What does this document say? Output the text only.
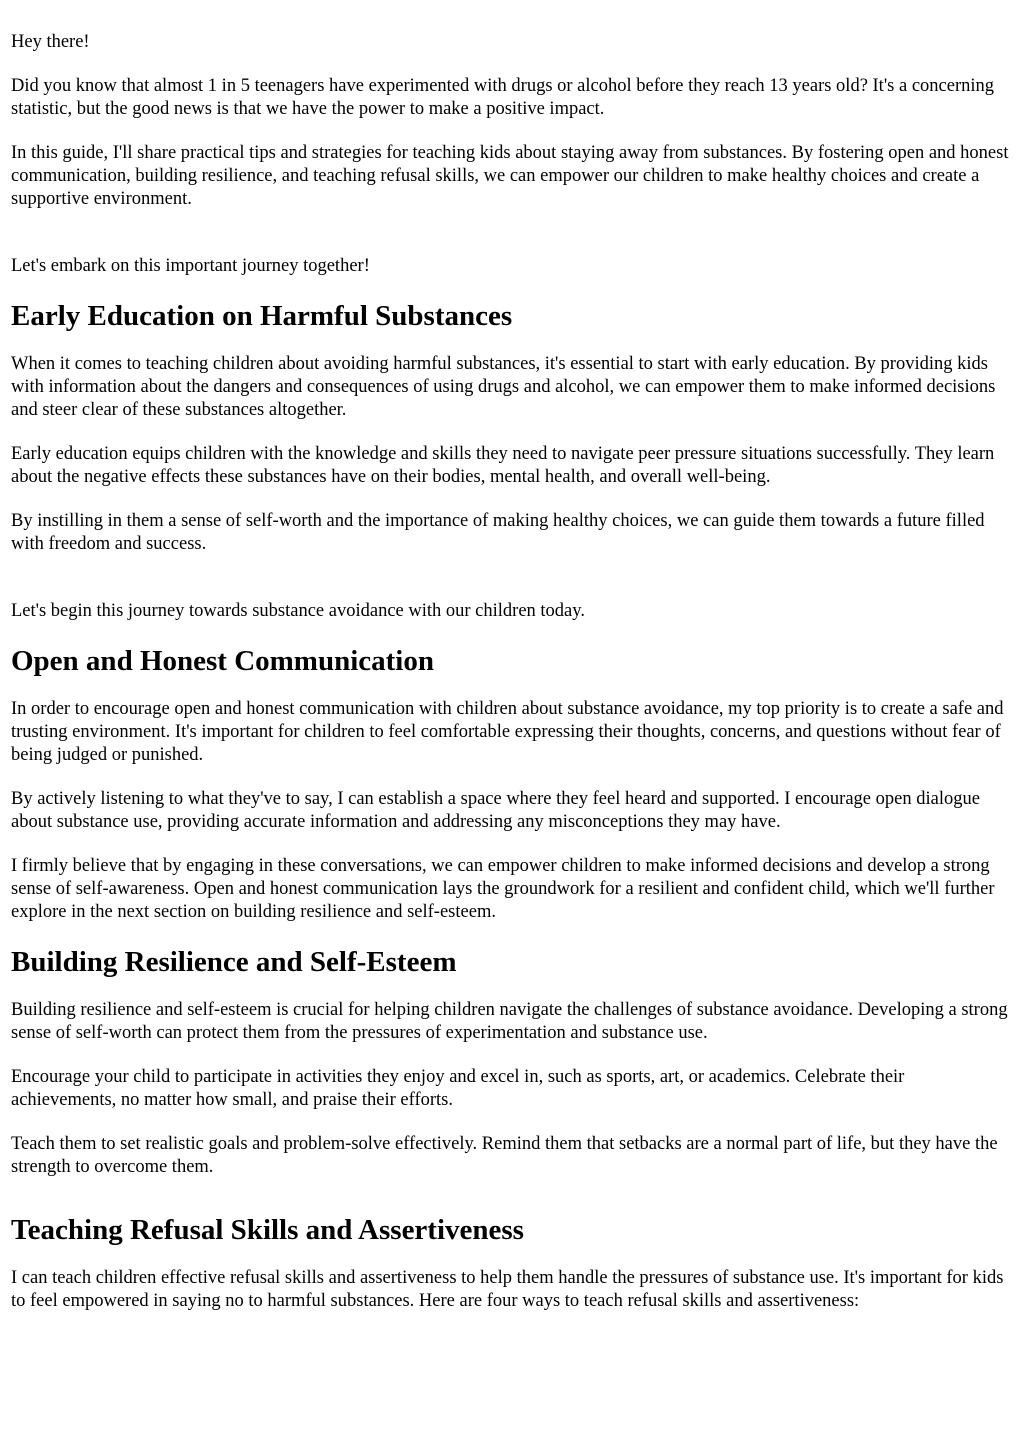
Hey there!

Did you know that almost 1 in 5 teenagers have experimented with drugs or alcohol before they reach 13 years old? It's a concerning statistic, but the good news is that we have the power to make a positive impact.

In this guide, I'll share practical tips and strategies for teaching kids about staying away from substances. By fostering open and honest communication, building resilience, and teaching refusal skills, we can empower our children to make healthy choices and create a supportive environment.

Let's embark on this important journey together!

Early Education on Harmful Substances

When it comes to teaching children about avoiding harmful substances, it's essential to start with early education. By providing kids with information about the dangers and consequences of using drugs and alcohol, we can empower them to make informed decisions and steer clear of these substances altogether.

Early education equips children with the knowledge and skills they need to navigate peer pressure situations successfully. They learn about the negative effects these substances have on their bodies, mental health, and overall well-being.

By instilling in them a sense of self-worth and the importance of making healthy choices, we can guide them towards a future filled with freedom and success.

Let's begin this journey towards substance avoidance with our children today.

Open and Honest Communication

In order to encourage open and honest communication with children about substance avoidance, my top priority is to create a safe and trusting environment. It's important for children to feel comfortable expressing their thoughts, concerns, and questions without fear of being judged or punished.

By actively listening to what they've to say, I can establish a space where they feel heard and supported. I encourage open dialogue about substance use, providing accurate information and addressing any misconceptions they may have.

I firmly believe that by engaging in these conversations, we can empower children to make informed decisions and develop a strong sense of self-awareness. Open and honest communication lays the groundwork for a resilient and confident child, which we'll further explore in the next section on building resilience and self-esteem.

Building Resilience and Self-Esteem

Building resilience and self-esteem is crucial for helping children navigate the challenges of substance avoidance. Developing a strong sense of self-worth can protect them from the pressures of experimentation and substance use.

Encourage your child to participate in activities they enjoy and excel in, such as sports, art, or academics. Celebrate their achievements, no matter how small, and praise their efforts.

Teach them to set realistic goals and problem-solve effectively. Remind them that setbacks are a normal part of life, but they have the strength to overcome them.

Teaching Refusal Skills and Assertiveness

I can teach children effective refusal skills and assertiveness to help them handle the pressures of substance use. It's important for kids to feel empowered in saying no to harmful substances. Here are four ways to teach refusal skills and assertiveness:
